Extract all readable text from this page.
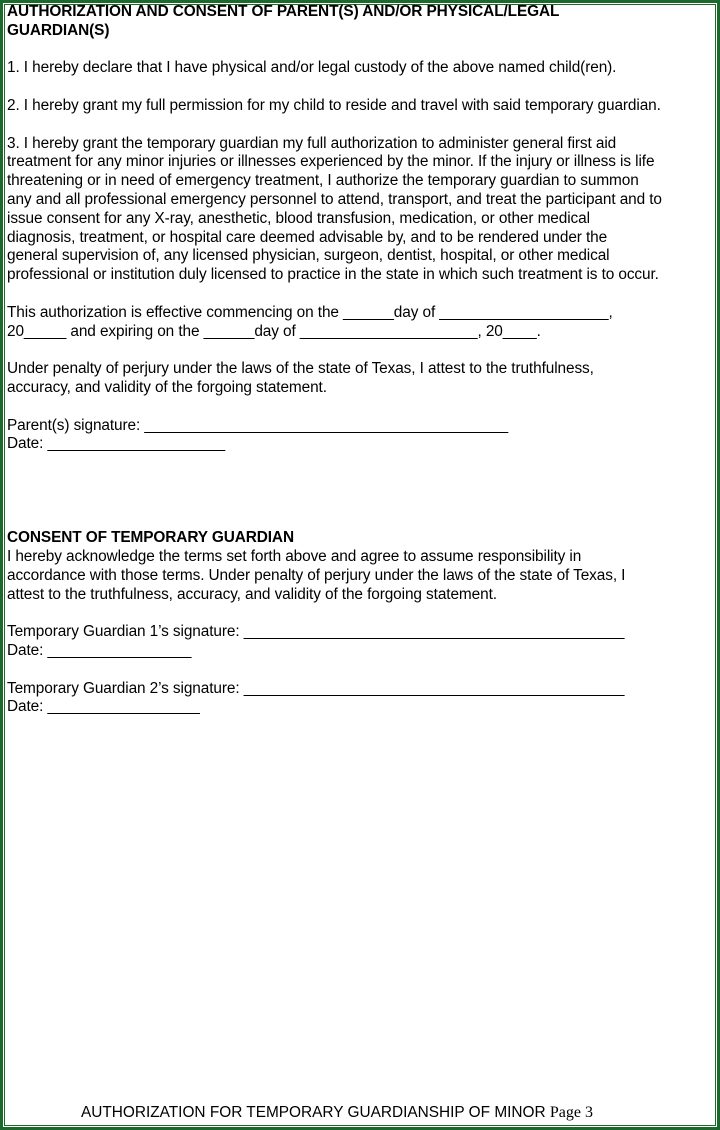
AUTHORIZATION AND CONSENT OF PARENT(S) AND/OR PHYSICAL/LEGAL

GUARDIAN(S)

1. I hereby declare that I have physical and/or legal custody of the above named child(ren).

2. I hereby grant my full permission for my child to reside and travel with said temporary guardian.

3. I hereby grant the temporary guardian my full authorization to administer general first aid

treatment for any minor injuries or illnesses experienced by the minor. If the injury or illness is life

threatening or in need of emergency treatment, I authorize the temporary guardian to summon

any and all professional emergency personnel to attend, transport, and treat the participant and to

issue consent for any X-ray, anesthetic, blood transfusion, medication, or other medical

diagnosis, treatment, or hospital care deemed advisable by, and to be rendered under the

general supervision of, any licensed physician, surgeon, dentist, hospital, or other medical

professional or institution duly licensed to practice in the state in which such treatment is to occur.

This authorization is effective commencing on the ______day of ____________________,

20_____ and expiring on the ______day of _____________________, 20____.

Under penalty of perjury under the laws of the state of Texas, I attest to the truthfulness,

accuracy, and validity of the forgoing statement.

Parent(s) signature: ___________________________________________

Date: _____________________

CONSENT OF TEMPORARY GUARDIAN

I hereby acknowledge the terms set forth above and agree to assume responsibility in

accordance with those terms. Under penalty of perjury under the laws of the state of Texas, I

attest to the truthfulness, accuracy, and validity of the forgoing statement.

Temporary Guardian 1’s signature: _____________________________________________

Date: _________________

Temporary Guardian 2’s signature: _____________________________________________

Date: __________________

AUTHORIZATION FOR TEMPORARY GUARDIANSHIP OF MINOR Page 3
